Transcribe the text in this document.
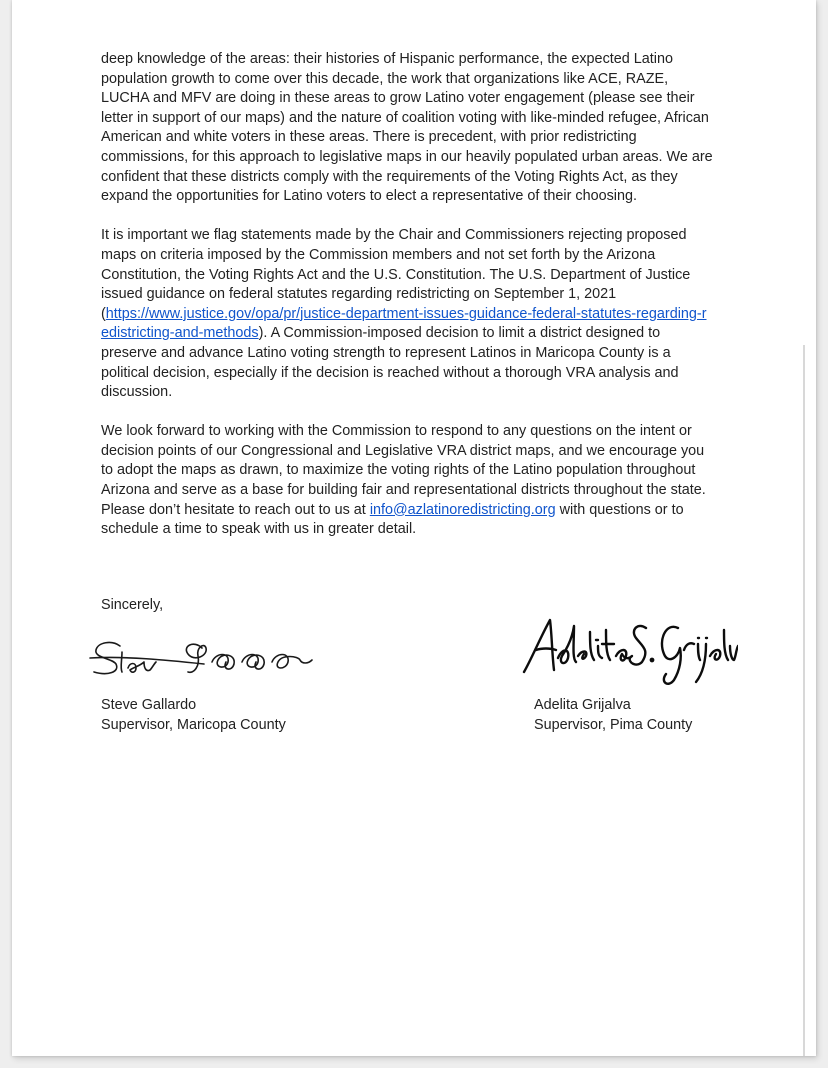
deep knowledge of the areas: their histories of Hispanic performance, the expected Latino
population growth to come over this decade, the work that organizations like ACE, RAZE,
LUCHA and MFV are doing in these areas to grow Latino voter engagement (please see their
letter in support of our maps) and the nature of coalition voting with like-minded refugee, African
American and white voters in these areas. There is precedent, with prior redistricting
commissions, for this approach to legislative maps in our heavily populated urban areas. We are
confident that these districts comply with the requirements of the Voting Rights Act, as they
expand the opportunities for Latino voters to elect a representative of their choosing.

It is important we flag statements made by the Chair and Commissioners rejecting proposed
maps on criteria imposed by the Commission members and not set forth by the Arizona
Constitution, the Voting Rights Act and the U.S. Constitution. The U.S. Department of Justice
issued guidance on federal statutes regarding redistricting on September 1, 2021
(https://www.justice.gov/opa/pr/justice-department-issues-guidance-federal-statutes-regarding-r
edistricting-and-methods). A Commission-imposed decision to limit a district designed to
preserve and advance Latino voting strength to represent Latinos in Maricopa County is a
political decision, especially if the decision is reached without a thorough VRA analysis and
discussion.

We look forward to working with the Commission to respond to any questions on the intent or
decision points of our Congressional and Legislative VRA district maps, and we encourage you
to adopt the maps as drawn, to maximize the voting rights of the Latino population throughout
Arizona and serve as a base for building fair and representational districts throughout the state.
Please don’t hesitate to reach out to us at info@azlatinoredistricting.org with questions or to
schedule a time to speak with us in greater detail.

Sincerely,
Steve Gallardo
Supervisor, Maricopa County
Adelita Grijalva
Supervisor, Pima County
